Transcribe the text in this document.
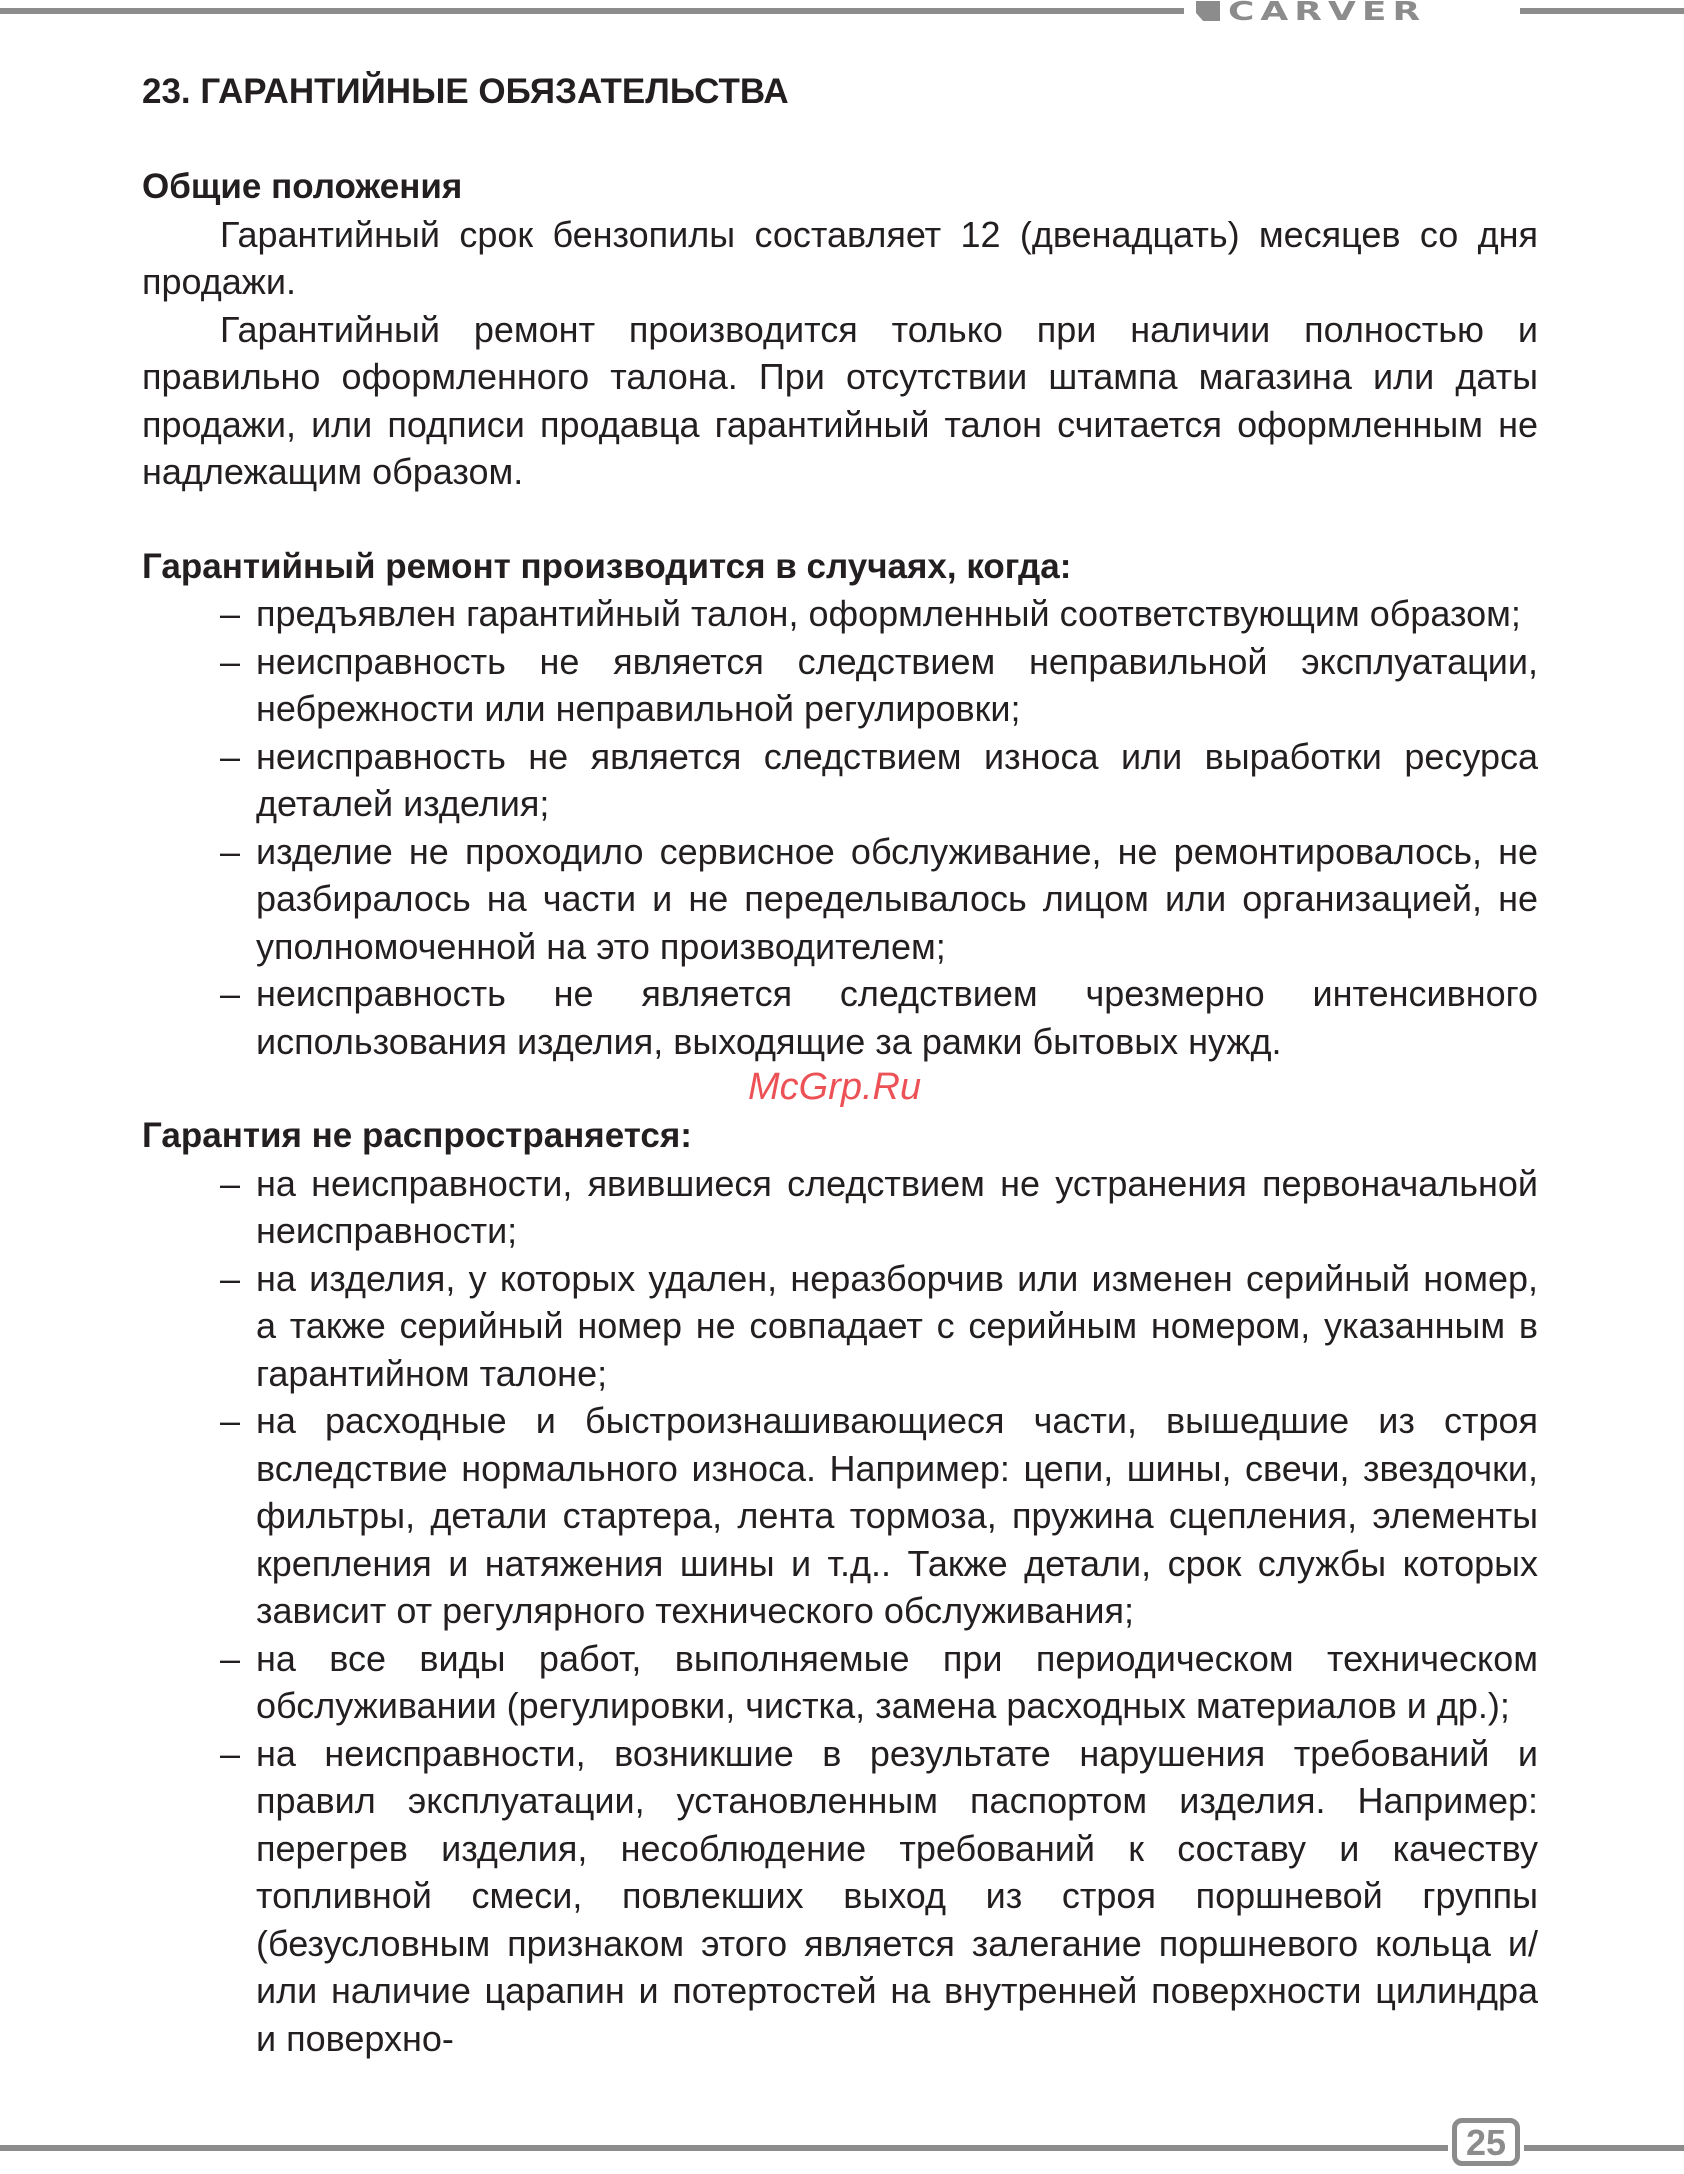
CARVER
23. ГАРАНТИЙНЫЕ ОБЯЗАТЕЛЬСТВА
Общие положения

Гарантийный срок бензопилы составляет 12 (двенадцать) месяцев со дня продажи.

Гарантийный ремонт производится только при наличии полностью и правильно оформленного талона. При отсутствии штампа магазина или даты продажи, или подписи продавца гарантийный талон считается оформленным не надлежащим образом.

Гарантийный ремонт производится в случаях, когда:
– предъявлен гарантийный талон, оформленный соответствующим образом;
– неисправность не является следствием неправильной эксплуатации, небрежности или неправильной регулировки;
– неисправность не является следствием износа или выработки ресурса деталей изделия;
– изделие не проходило сервисное обслуживание, не ремонтировалось, не разбиралось на части и не переделывалось лицом или организацией, не уполномоченной на это производителем;
– неисправность не является следствием чрезмерно интенсивного использования изделия, выходящие за рамки бытовых нужд.
Гарантия не распространяется:
– на неисправности, явившиеся следствием не устранения первоначальной неисправности;
– на изделия, у которых удален, неразборчив или изменен серийный номер, а также серийный номер не совпадает с серийным номером, указанным в гарантийном талоне;
– на расходные и быстроизнашивающиеся части, вышедшие из строя вследствие нормального износа. Например: цепи, шины, свечи, звездочки, фильтры, детали стартера, лента тормоза, пружина сцепления, элементы крепления и натяжения шины и т.д.. Также детали, срок службы которых зависит от регулярного технического обслуживания;
– на все виды работ, выполняемые при периодическом техническом обслуживании (регулировки, чистка, замена расходных материалов и др.);
– на неисправности, возникшие в результате нарушения требований и правил эксплуатации, установленным паспортом изделия. Например: перегрев изделия, несоблюдение требований к составу и качеству топливной смеси, повлекших выход из строя поршневой группы (безусловным признаком этого является залегание поршневого кольца и/или наличие царапин и потертостей на внутренней поверхности цилиндра и поверхно-
McGrp.Ru
25
